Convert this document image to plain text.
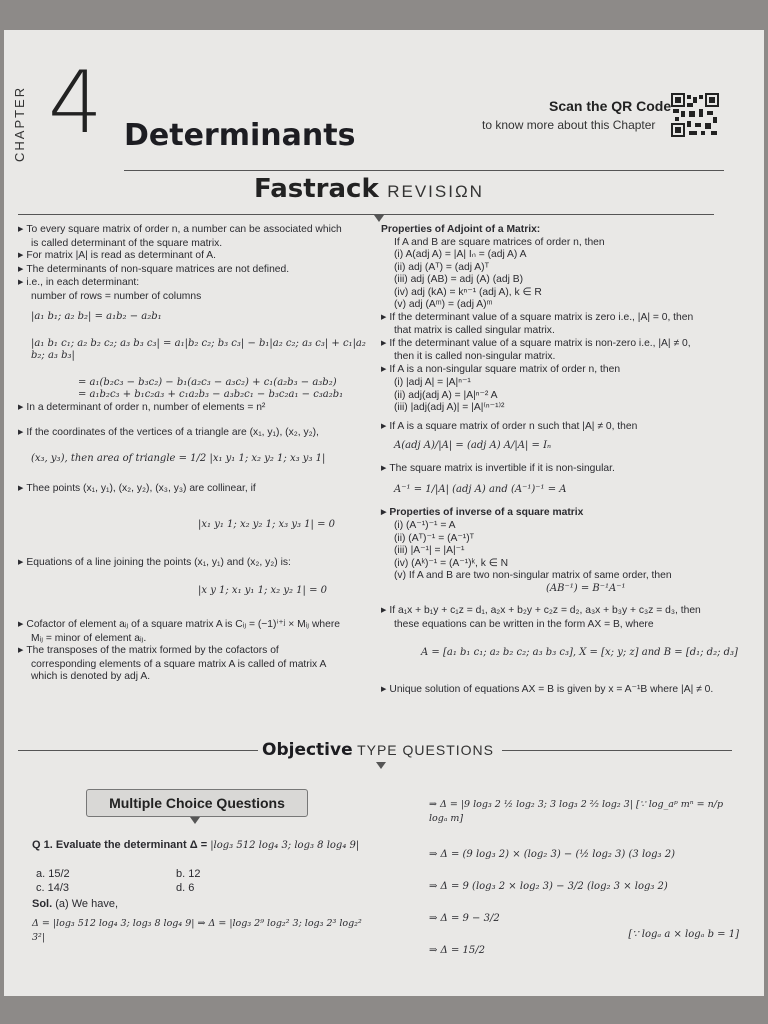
CHAPTER 4 Determinants
Scan the QR Code
to know more about this Chapter
Fastrack REVISIΩN

▶ To every square matrix of order n, a number can be associated which

is called determinant of the square matrix.

▶ For matrix |A| is read as determinant of A.

▶ The determinants of non-square matrices are not defined.

▶ i.e., in each determinant:

number of rows = number of columns

|a₁ b₁; a₂ b₂| = a₁b₂ − a₂b₁

|a₁ b₁ c₁; a₂ b₂ c₂; a₃ b₃ c₃| = a₁|b₂ c₂; b₃ c₃| − b₁|a₂ c₂; a₃ c₃| + c₁|a₂ b₂; a₃ b₃|

= a₁(b₂c₃ − b₃c₂) − b₁(a₂c₃ − a₃c₂) + c₁(a₂b₃ − a₃b₂)

= a₁b₂c₃ + b₁c₂a₃ + c₁a₂b₃ − a₃b₂c₁ − b₃c₂a₁ − c₃a₂b₁

▶ In a determinant of order n, number of elements = n²

▶ If the coordinates of the vertices of a triangle are (x₁, y₁), (x₂, y₂),

(x₃, y₃), then area of triangle = 1/2 |x₁ y₁ 1; x₂ y₂ 1; x₃ y₃ 1|

▶ Thee points (x₁, y₁), (x₂, y₂), (x₃, y₃) are collinear, if

|x₁ y₁ 1; x₂ y₂ 1; x₃ y₃ 1| = 0

▶ Equations of a line joining the points (x₁, y₁) and (x₂, y₂) is:

|x y 1; x₁ y₁ 1; x₂ y₂ 1| = 0

▶ Cofactor of element aᵢⱼ of a square matrix A is Cᵢⱼ = (−1)ⁱ⁺ʲ × Mᵢⱼ where

Mᵢⱼ = minor of element aᵢⱼ.

▶ The transposes of the matrix formed by the cofactors of

corresponding elements of a square matrix A is called of matrix A

which is denoted by adj A.

Properties of Adjoint of a Matrix:

If A and B are square matrices of order n, then

(i) A(adj A) = |A| Iₙ = (adj A) A

(ii) adj (Aᵀ) = (adj A)ᵀ

(iii) adj (AB) = adj (A) (adj B)

(iv) adj (kA) = kⁿ⁻¹ (adj A), k ∈ R

(v) adj (Aᵐ) = (adj A)ᵐ

▶ If the determinant value of a square matrix is zero i.e., |A| = 0, then

that matrix is called singular matrix.

▶ If the determinant value of a square matrix is non-zero i.e., |A| ≠ 0,

then it is called non-singular matrix.

▶ If A is a non-singular square matrix of order n, then

(i) |adj A| = |A|ⁿ⁻¹

(ii) adj(adj A) = |A|ⁿ⁻² A

(iii) |adj(adj A)| = |A|⁽ⁿ⁻¹⁾²

▶ If A is a square matrix of order n such that |A| ≠ 0, then

A(adj A)/|A| = (adj A) A/|A| = Iₙ

▶ The square matrix is invertible if it is non-singular.

A⁻¹ = 1/|A| (adj A) and (A⁻¹)⁻¹ = A

▶ Properties of inverse of a square matrix

(i) (A⁻¹)⁻¹ = A

(ii) (Aᵀ)⁻¹ = (A⁻¹)ᵀ

(iii) |A⁻¹| = |A|⁻¹

(iv) (Aᵏ)⁻¹ = (A⁻¹)ᵏ, k ∈ N

(v) If A and B are two non-singular matrix of same order, then

(AB⁻¹) = B⁻¹A⁻¹

▶ If a₁x + b₁y + c₁z = d₁, a₂x + b₂y + c₂z = d₂, a₃x + b₃y + c₃z = d₃, then

these equations can be written in the form AX = B, where

A = [a₁ b₁ c₁; a₂ b₂ c₂; a₃ b₃ c₃], X = [x; y; z] and B = [d₁; d₂; d₃]

▶ Unique solution of equations AX = B is given by x = A⁻¹B where |A| ≠ 0.

Objective TYPE QUESTIONS
Multiple Choice Questions

Q 1. Evaluate the determinant Δ = |log₃ 512 log₄ 3; log₃ 8 log₄ 9|

a. 15/2	b. 12
c. 14/3	d. 6

Sol. (a) We have,

Δ = |log₃ 512 log₄ 3; log₃ 8 log₄ 9| ⇒ Δ = |log₃ 2⁹ log₂² 3; log₃ 2³ log₂² 3²|

⇒ Δ = |9 log₃ 2 ½ log₂ 3; 3 log₃ 2 ²⁄₂ log₂ 3| [∵ log_aᵖ mⁿ = n/p logₐ m]

⇒ Δ = (9 log₃ 2) × (log₂ 3) − (½ log₂ 3) (3 log₃ 2)

⇒ Δ = 9 (log₃ 2 × log₂ 3) − 3/2 (log₂ 3 × log₃ 2)

⇒ Δ = 9 − 3/2

⇒ Δ = 15/2
[∵ logₐ a × logₐ b = 1]
